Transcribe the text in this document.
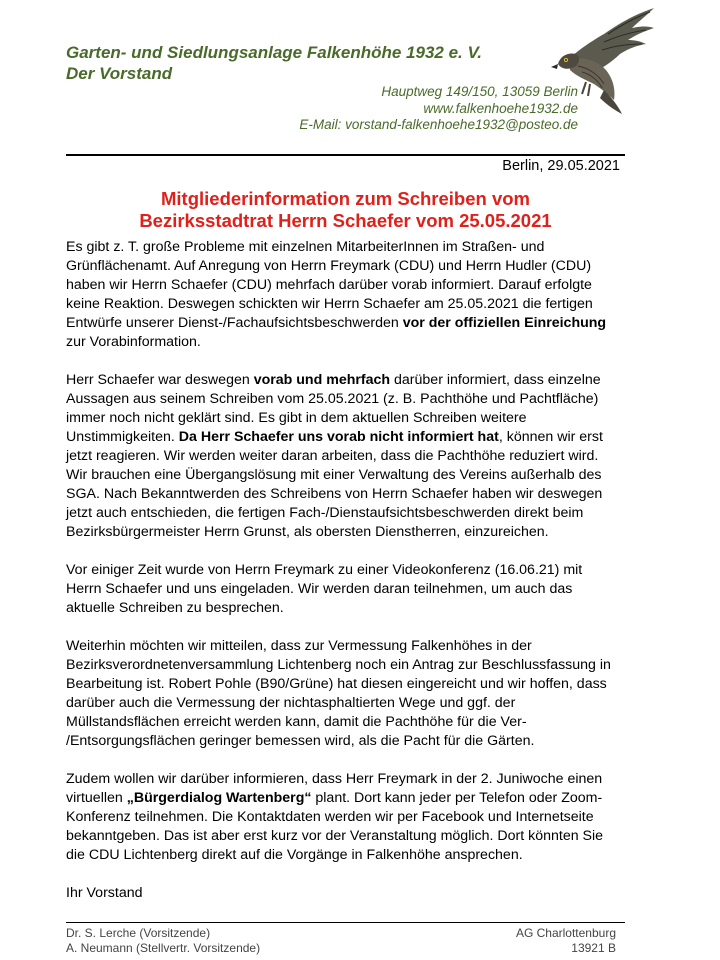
Garten- und Siedlungsanlage Falkenhöhe 1932 e. V.
Der Vorstand
Hauptweg 149/150, 13059 Berlin
www.falkenhoehe1932.de
E-Mail: vorstand-falkenhoehe1932@posteo.de
Berlin, 29.05.2021
Mitgliederinformation zum Schreiben vom
Bezirksstadtrat Herrn Schaefer vom 25.05.2021

Es gibt z. T. große Probleme mit einzelnen MitarbeiterInnen im Straßen- und
Grünflächenamt. Auf Anregung von Herrn Freymark (CDU) und Herrn Hudler (CDU)
haben wir Herrn Schaefer (CDU) mehrfach darüber vorab informiert. Darauf erfolgte
keine Reaktion. Deswegen schickten wir Herrn Schaefer am 25.05.2021 die fertigen
Entwürfe unserer Dienst-/Fachaufsichtsbeschwerden vor der offiziellen Einreichung
zur Vorabinformation.

Herr Schaefer war deswegen vorab und mehrfach darüber informiert, dass einzelne
Aussagen aus seinem Schreiben vom 25.05.2021 (z. B. Pachthöhe und Pachtfläche)
immer noch nicht geklärt sind. Es gibt in dem aktuellen Schreiben weitere
Unstimmigkeiten. Da Herr Schaefer uns vorab nicht informiert hat, können wir erst
jetzt reagieren. Wir werden weiter daran arbeiten, dass die Pachthöhe reduziert wird.
Wir brauchen eine Übergangslösung mit einer Verwaltung des Vereins außerhalb des
SGA. Nach Bekanntwerden des Schreibens von Herrn Schaefer haben wir deswegen
jetzt auch entschieden, die fertigen Fach-/Dienstaufsichtsbeschwerden direkt beim
Bezirksbürgermeister Herrn Grunst, als obersten Dienstherren, einzureichen.

Vor einiger Zeit wurde von Herrn Freymark zu einer Videokonferenz (16.06.21) mit
Herrn Schaefer und uns eingeladen. Wir werden daran teilnehmen, um auch das
aktuelle Schreiben zu besprechen.

Weiterhin möchten wir mitteilen, dass zur Vermessung Falkenhöhes in der
Bezirksverordnetenversammlung Lichtenberg noch ein Antrag zur Beschlussfassung in
Bearbeitung ist. Robert Pohle (B90/Grüne) hat diesen eingereicht und wir hoffen, dass
darüber auch die Vermessung der nichtasphaltierten Wege und ggf. der
Müllstandsflächen erreicht werden kann, damit die Pachthöhe für die Ver-
/Entsorgungsflächen geringer bemessen wird, als die Pacht für die Gärten.

Zudem wollen wir darüber informieren, dass Herr Freymark in der 2. Juniwoche einen
virtuellen „Bürgerdialog Wartenberg“ plant. Dort kann jeder per Telefon oder Zoom-
Konferenz teilnehmen. Die Kontaktdaten werden wir per Facebook und Internetseite
bekanntgeben. Das ist aber erst kurz vor der Veranstaltung möglich. Dort könnten Sie
die CDU Lichtenberg direkt auf die Vorgänge in Falkenhöhe ansprechen.

Ihr Vorstand

Dr. S. Lerche (Vorsitzende)
A. Neumann (Stellvertr. Vorsitzende)
AG Charlottenburg
13921 B
